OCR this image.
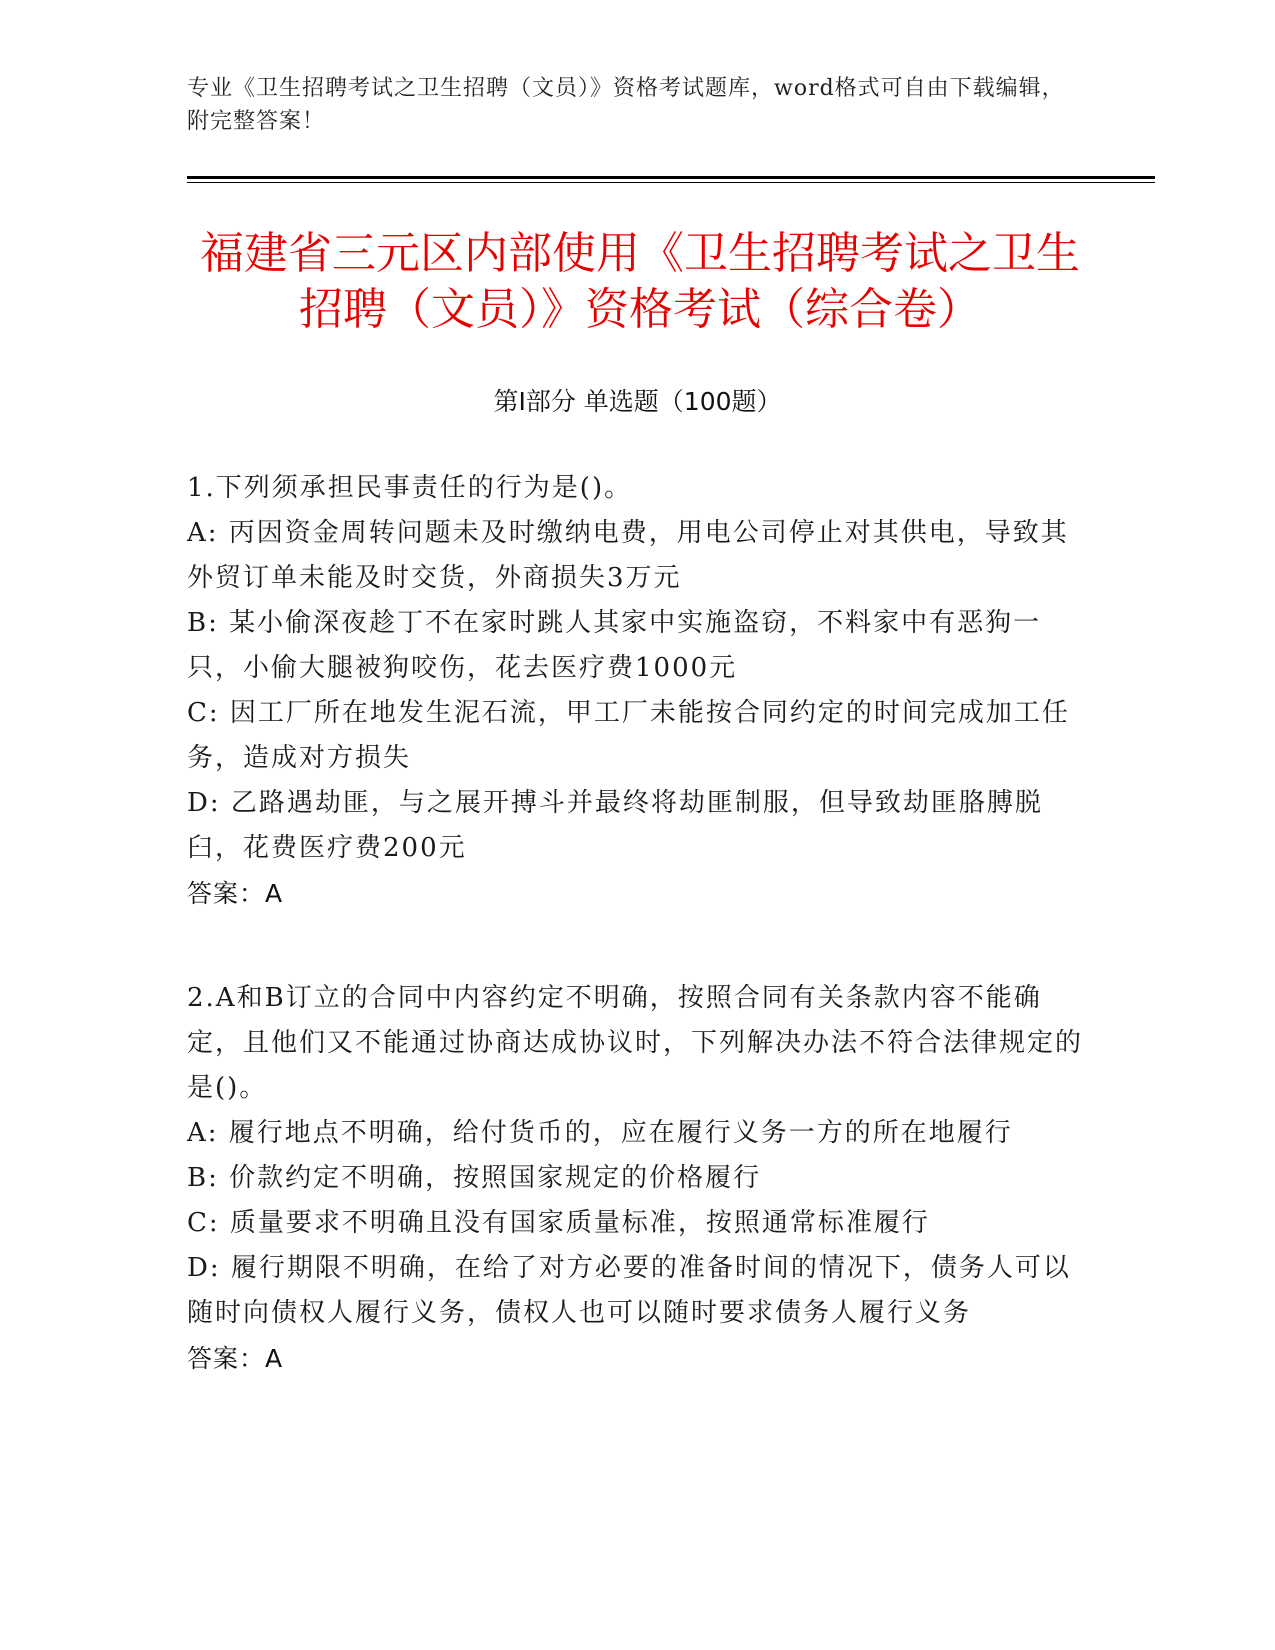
专业《卫生招聘考试之卫生招聘（文员）》资格考试题库，word格式可自由下载编辑，附完整答案！
福建省三元区内部使用《卫生招聘考试之卫生招聘（文员）》资格考试（综合卷）
第Ⅰ部分 单选题（100题）
1.下列须承担民事责任的行为是()。
A: 丙因资金周转问题未及时缴纳电费，用电公司停止对其供电，导致其外贸订单未能及时交货，外商损失3万元
B: 某小偷深夜趁丁不在家时跳人其家中实施盗窃，不料家中有恶狗一只，小偷大腿被狗咬伤，花去医疗费1000元
C: 因工厂所在地发生泥石流，甲工厂未能按合同约定的时间完成加工任务，造成对方损失
D: 乙路遇劫匪，与之展开搏斗并最终将劫匪制服，但导致劫匪胳膊脱臼，花费医疗费200元
答案：A
2.A和B订立的合同中内容约定不明确，按照合同有关条款内容不能确定，且他们又不能通过协商达成协议时，下列解决办法不符合法律规定的是()。
A: 履行地点不明确，给付货币的，应在履行义务一方的所在地履行
B: 价款约定不明确，按照国家规定的价格履行
C: 质量要求不明确且没有国家质量标准，按照通常标准履行
D: 履行期限不明确，在给了对方必要的准备时间的情况下，债务人可以随时向债权人履行义务，债权人也可以随时要求债务人履行义务
答案：A
